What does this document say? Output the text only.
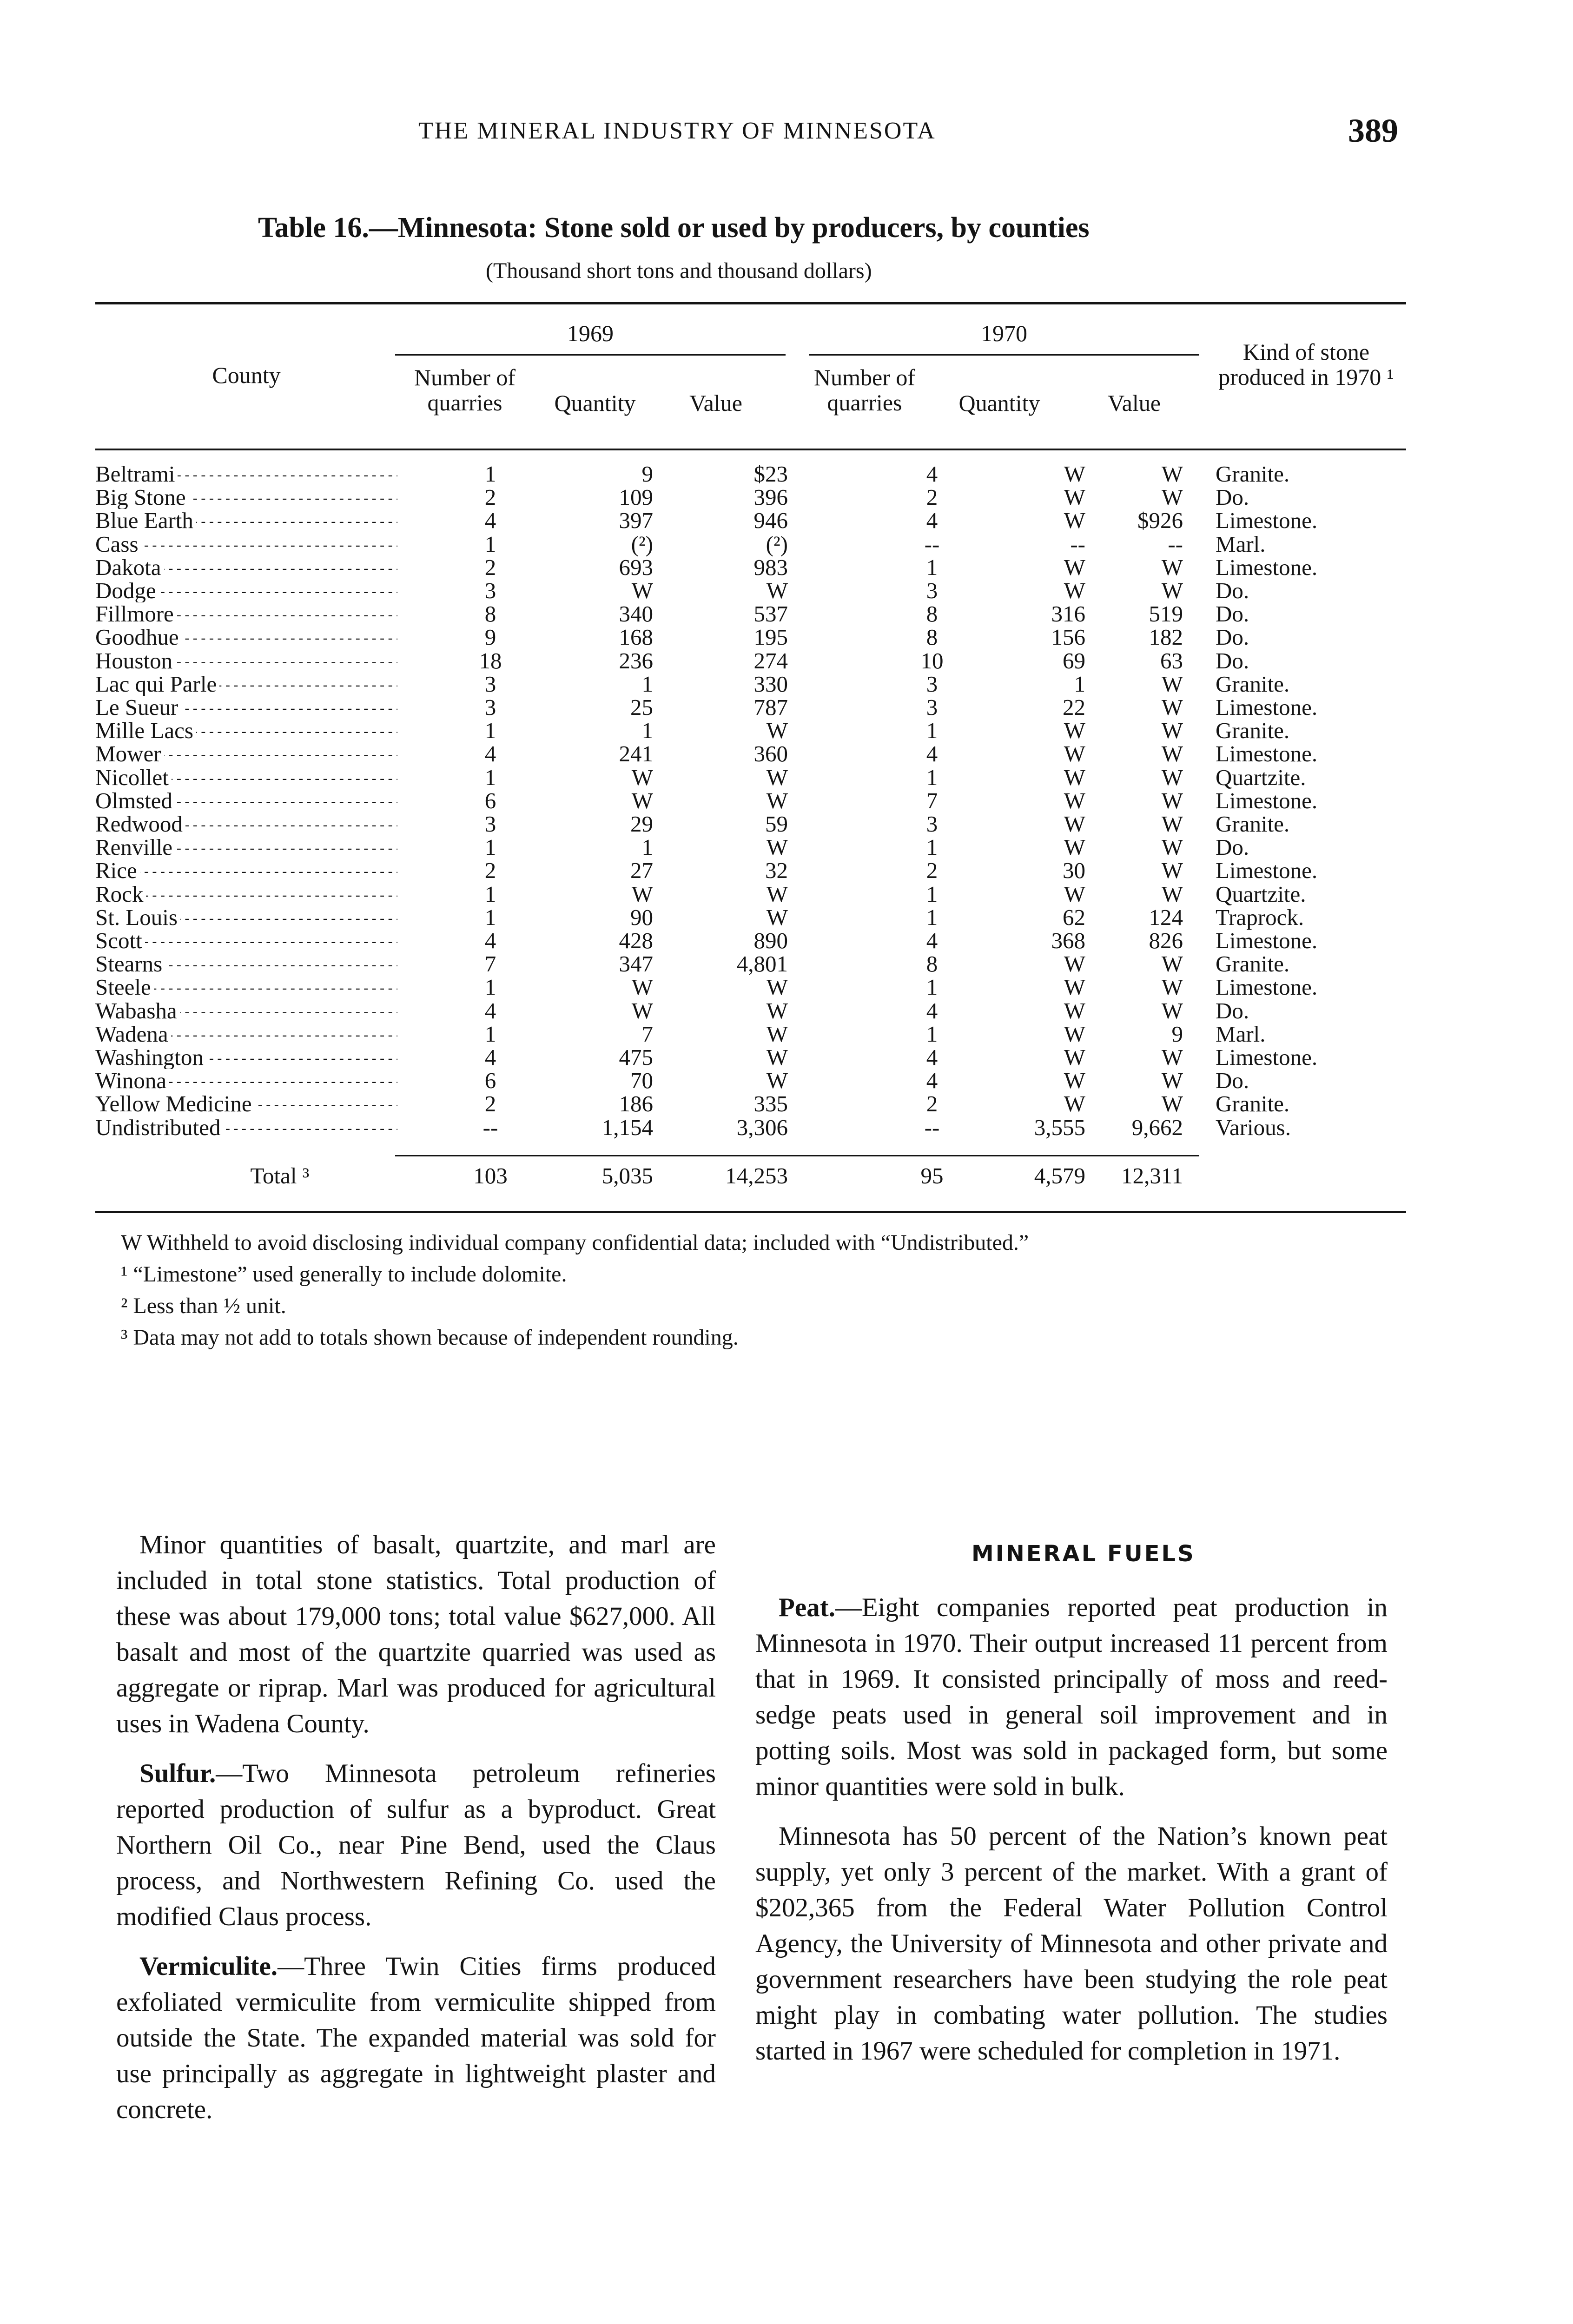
THE MINERAL INDUSTRY OF MINNESOTA	389
Table 16.—Minnesota: Stone sold or used by producers, by counties
(Thousand short tons and thousand dollars)
County
1969	1970
Number of quarries	Quantity	Value
Number of quarries	Quantity	Value
Kind of stone produced in 1970 ¹
Beltrami - - -	1	9	$23	4	W	W Granite.
Big Stone - - -	2	109	396	2	W	W Do.
Blue Earth - - -	4	397	946	4	W	$926 Limestone.
Cass - - -	1	(²)	(²)	--	--	-- Marl.
Dakota - - -	2	693	983	1	W	W Limestone.
Dodge - - -	3	W	W	3	W	W Do.
Fillmore - - -	8	340	537	8	316	519 Do.
Goodhue - - -	9	168	195	8	156	182 Do.
Houston - - -	18	236	274	10	69	63 Do.
Lac qui Parle - - -	3	1	330	3	1	W Granite.
Le Sueur - - -	3	25	787	3	22	W Limestone.
Mille Lacs - - -	1	1	W	1	W	W Granite.
Mower - - -	4	241	360	4	W	W Limestone.
Nicollet - - -	1	W	W	1	W	W Quartzite.
Olmsted - - -	6	W	W	7	W	W Limestone.
Redwood - - -	3	29	59	3	W	W Granite.
Renville - - -	1	1	W	1	W	W Do.
Rice - - -	2	27	32	2	30	W Limestone.
Rock - - -	1	W	W	1	W	W Quartzite.
St. Louis - - -	1	90	W	1	62	124 Traprock.
Scott - - -	4	428	890	4	368	826 Limestone.
Stearns - - -	7	347	4,801	8	W	W Granite.
Steele - - -	1	W	W	1	W	W Limestone.
Wabasha - - -	4	W	W	4	W	W Do.
Wadena - - -	1	7	W	1	W	9 Marl.
Washington - - -	4	475	W	4	W	W Limestone.
Winona - - -	6	70	W	4	W	W Do.
Yellow Medicine - - -	2	186	335	2	W	W Granite.
Undistributed - - -	--	1,154	3,306	--	3,555	9,662 Various.
Total ³	103	5,035	14,253	95	4,579	12,311
W Withheld to avoid disclosing individual company confidential data; included with “Undistributed.”
¹ “Limestone” used generally to include dolomite.
² Less than ½ unit.
³ Data may not add to totals shown because of independent rounding.

Minor quantities of basalt, quartzite, and marl are included in total stone statistics. Total production of these was about 179,000 tons; total value $627,000. All basalt and most of the quartzite quarried was used as aggregate or riprap. Marl was produced for agricultural uses in Wadena County.

Sulfur.—Two Minnesota petroleum refineries reported production of sulfur as a byproduct. Great Northern Oil Co., near Pine Bend, used the Claus process, and Northwestern Refining Co. used the modified Claus process.

Vermiculite.—Three Twin Cities firms produced exfoliated vermiculite from vermiculite shipped from outside the State. The expanded material was sold for use principally as aggregate in lightweight plaster and concrete.

MINERAL FUELS

Peat.—Eight companies reported peat production in Minnesota in 1970. Their output increased 11 percent from that in 1969. It consisted principally of moss and reed-sedge peats used in general soil improvement and in potting soils. Most was sold in packaged form, but some minor quantities were sold in bulk.

Minnesota has 50 percent of the Nation’s known peat supply, yet only 3 percent of the market. With a grant of $202,365 from the Federal Water Pollution Control Agency, the University of Minnesota and other private and government researchers have been studying the role peat might play in combating water pollution. The studies started in 1967 were scheduled for completion in 1971.
